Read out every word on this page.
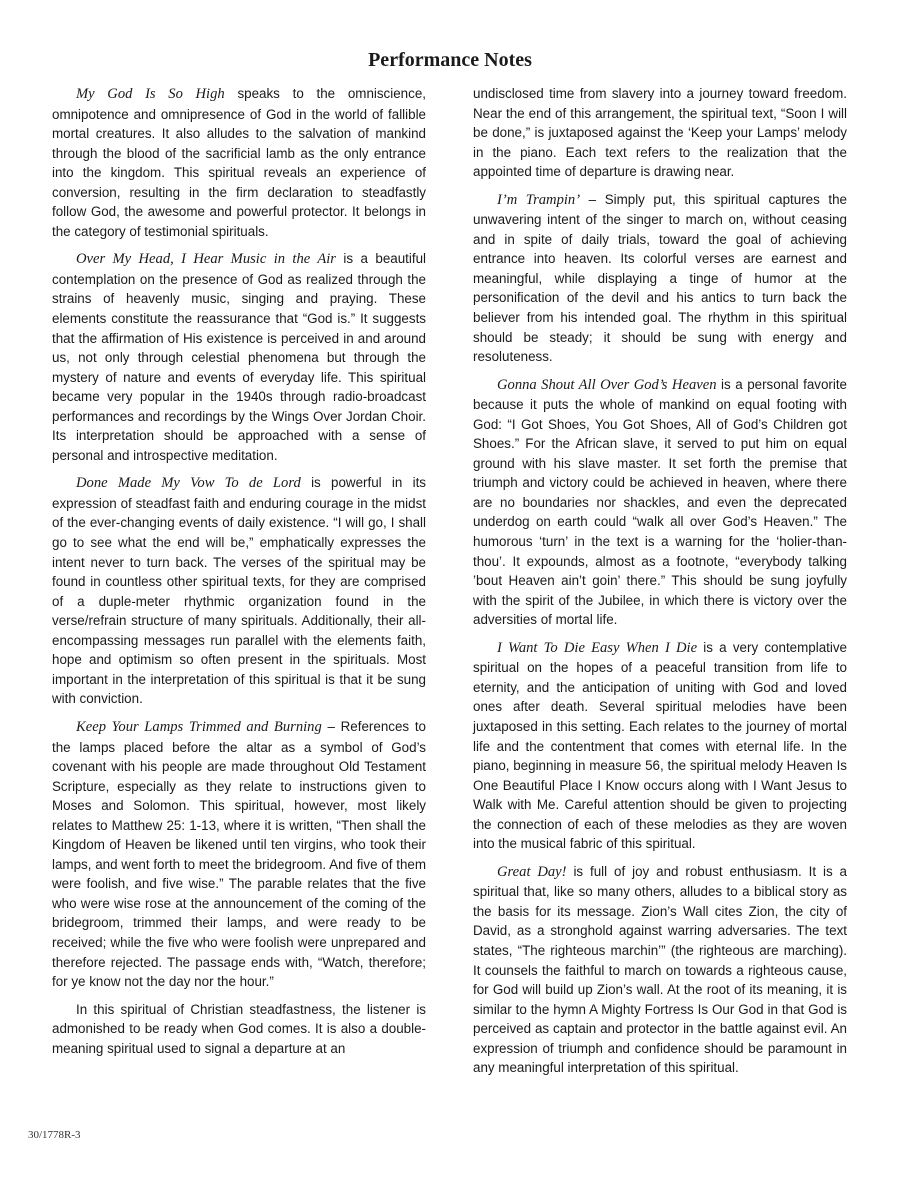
Performance Notes

My God Is So High speaks to the omniscience, omnipotence and omnipresence of God in the world of fallible mortal creatures. It also alludes to the salvation of mankind through the blood of the sacrificial lamb as the only entrance into the kingdom. This spiritual reveals an experience of conversion, resulting in the firm declaration to steadfastly follow God, the awesome and powerful protector. It belongs in the category of testimonial spirituals.

Over My Head, I Hear Music in the Air is a beautiful contemplation on the presence of God as realized through the strains of heavenly music, singing and praying. These elements constitute the reassurance that “God is.” It suggests that the affirmation of His existence is perceived in and around us, not only through celestial phenomena but through the mystery of nature and events of everyday life. This spiritual became very popular in the 1940s through radio-broadcast performances and recordings by the Wings Over Jordan Choir. Its interpretation should be approached with a sense of personal and introspective meditation.

Done Made My Vow To de Lord is powerful in its expression of steadfast faith and enduring courage in the midst of the ever-changing events of daily existence. “I will go, I shall go to see what the end will be,” emphatically expresses the intent never to turn back. The verses of the spiritual may be found in countless other spiritual texts, for they are comprised of a duple-meter rhythmic organization found in the verse/refrain structure of many spirituals. Additionally, their all-encompassing messages run parallel with the elements faith, hope and optimism so often present in the spirituals. Most important in the interpretation of this spiritual is that it be sung with conviction.

Keep Your Lamps Trimmed and Burning – References to the lamps placed before the altar as a symbol of God’s covenant with his people are made throughout Old Testament Scripture, especially as they relate to instructions given to Moses and Solomon. This spiritual, however, most likely relates to Matthew 25: 1-13, where it is written, “Then shall the Kingdom of Heaven be likened until ten virgins, who took their lamps, and went forth to meet the bridegroom. And five of them were foolish, and five wise.” The parable relates that the five who were wise rose at the announcement of the coming of the bridegroom, trimmed their lamps, and were ready to be received; while the five who were foolish were unprepared and therefore rejected. The passage ends with, “Watch, therefore; for ye know not the day nor the hour.”

In this spiritual of Christian steadfastness, the listener is admonished to be ready when God comes. It is also a double-meaning spiritual used to signal a departure at an

undisclosed time from slavery into a journey toward freedom. Near the end of this arrangement, the spiritual text, “Soon I will be done,” is juxtaposed against the ‘Keep your Lamps’ melody in the piano. Each text refers to the realization that the appointed time of departure is drawing near.

I’m Trampin’ – Simply put, this spiritual captures the unwavering intent of the singer to march on, without ceasing and in spite of daily trials, toward the goal of achieving entrance into heaven. Its colorful verses are earnest and meaningful, while displaying a tinge of humor at the personification of the devil and his antics to turn back the believer from his intended goal. The rhythm in this spiritual should be steady; it should be sung with energy and resoluteness.

Gonna Shout All Over God’s Heaven is a personal favorite because it puts the whole of mankind on equal footing with God: “I Got Shoes, You Got Shoes, All of God’s Children got Shoes.” For the African slave, it served to put him on equal ground with his slave master. It set forth the premise that triumph and victory could be achieved in heaven, where there are no boundaries nor shackles, and even the deprecated underdog on earth could “walk all over God’s Heaven.” The humorous ‘turn’ in the text is a warning for the ‘holier-than-thou’. It expounds, almost as a footnote, “everybody talking ’bout Heaven ain’t goin’ there.” This should be sung joyfully with the spirit of the Jubilee, in which there is victory over the adversities of mortal life.

I Want To Die Easy When I Die is a very contemplative spiritual on the hopes of a peaceful transition from life to eternity, and the anticipation of uniting with God and loved ones after death. Several spiritual melodies have been juxtaposed in this setting. Each relates to the journey of mortal life and the contentment that comes with eternal life. In the piano, beginning in measure 56, the spiritual melody Heaven Is One Beautiful Place I Know occurs along with I Want Jesus to Walk with Me. Careful attention should be given to projecting the connection of each of these melodies as they are woven into the musical fabric of this spiritual.

Great Day! is full of joy and robust enthusiasm. It is a spiritual that, like so many others, alludes to a biblical story as the basis for its message. Zion’s Wall cites Zion, the city of David, as a stronghold against warring adversaries. The text states, “The righteous marchin’” (the righteous are marching). It counsels the faithful to march on towards a righteous cause, for God will build up Zion’s wall. At the root of its meaning, it is similar to the hymn A Mighty Fortress Is Our God in that God is perceived as captain and protector in the battle against evil. An expression of triumph and confidence should be paramount in any meaningful interpretation of this spiritual.

30/1778R-3
